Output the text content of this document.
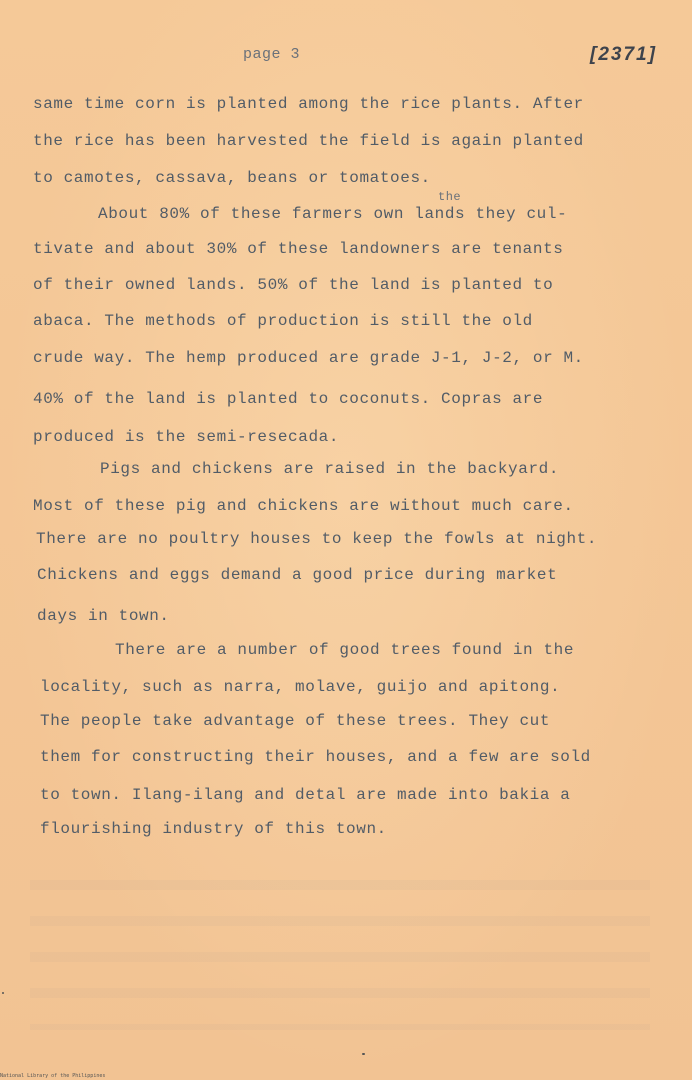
page 3	[2371]
the
same time corn is planted among the rice plants. After
the rice has been harvested the field is again planted
to camotes, cassava, beans or tomatoes.
About 80% of these farmers own lands they cul-
tivate and about 30% of these landowners are tenants
of their owned lands. 50% of the land is planted to
abaca. The methods of production is still the old
crude way. The hemp produced are grade J-1, J-2, or M.
40% of the land is planted to coconuts. Copras are
produced is the semi-resecada.
Pigs and chickens are raised in the backyard.
Most of these pig and chickens are without much care.
There are no poultry houses to keep the fowls at night.
Chickens and eggs demand a good price during market
days in town.
There are a number of good trees found in the
locality, such as narra, molave, guijo and apitong.
The people take advantage of these trees. They cut
them for constructing their houses, and a few are sold
to town. Ilang-ilang and detal are made into bakia a
flourishing industry of this town.
National Library of the Philippines
